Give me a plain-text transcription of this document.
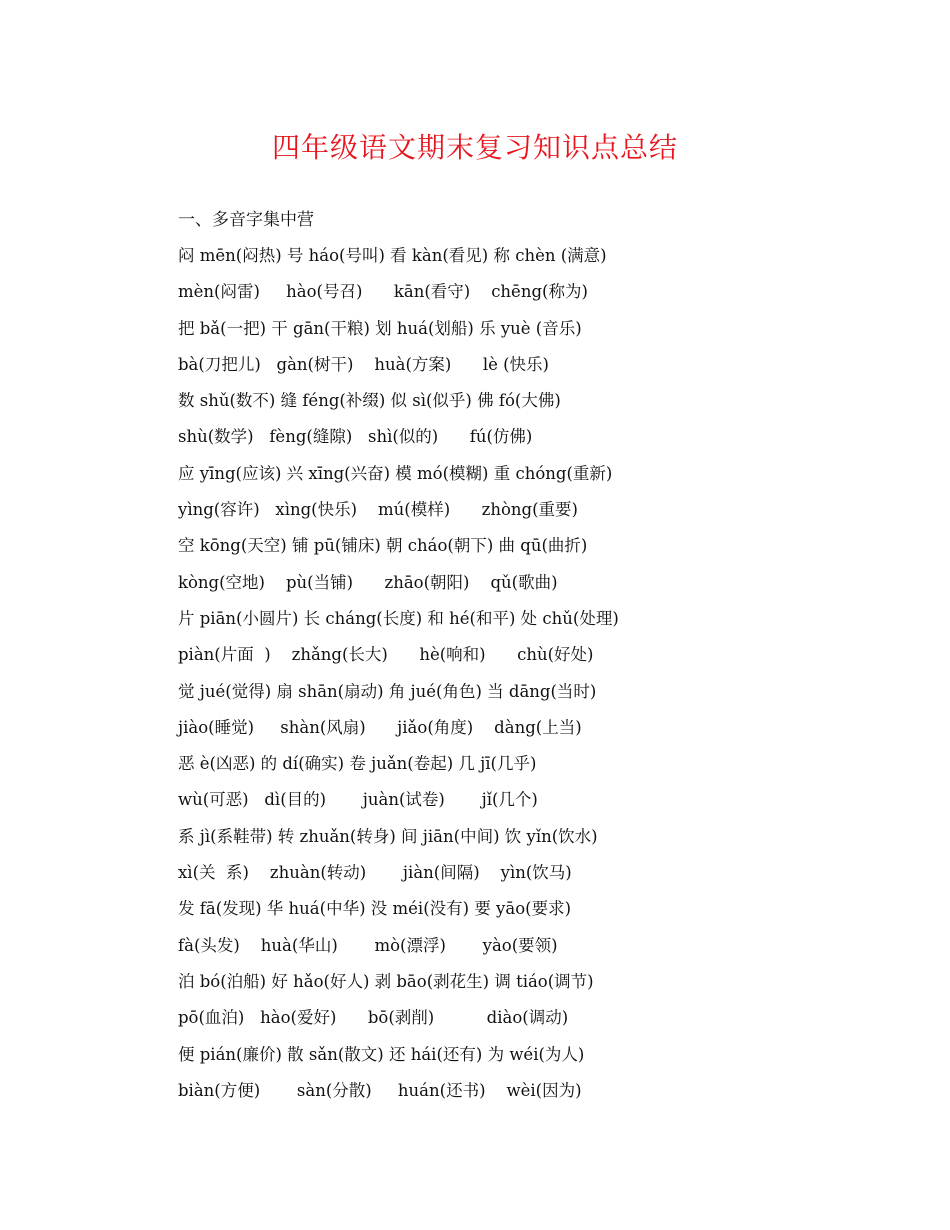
四年级语文期末复习知识点总结
一、多音字集中营
闷 mēn(闷热) 号 háo(号叫) 看 kàn(看见) 称 chèn (满意)
mèn(闷雷)     hào(号召)      kān(看守)    chēng(称为)
把 bǎ(一把) 干 gān(干粮) 划 huá(划船) 乐 yuè (音乐)
bà(刀把儿)   gàn(树干)    huà(方案)      lè (快乐)
数 shǔ(数不) 缝 féng(补缀) 似 sì(似乎) 佛 fó(大佛)
shù(数学)   fèng(缝隙)   shì(似的)      fú(仿佛)
应 yīng(应该) 兴 xīng(兴奋) 模 mó(模糊) 重 chóng(重新)
yìng(容许)   xìng(快乐)    mú(模样)      zhòng(重要)
空 kōng(天空) 铺 pū(铺床) 朝 cháo(朝下) 曲 qū(曲折)
kòng(空地)    pù(当铺)      zhāo(朝阳)    qǔ(歌曲)
片 piān(小圆片) 长 cháng(长度) 和 hé(和平) 处 chǔ(处理)
piàn(片面  )    zhǎng(长大)      hè(响和)      chù(好处)
觉 jué(觉得) 扇 shān(扇动) 角 jué(角色) 当 dāng(当时)
jiào(睡觉)     shàn(风扇)      jiǎo(角度)    dàng(上当)
恶 è(凶恶) 的 dí(确实) 卷 juǎn(卷起) 几 jī(几乎)
wù(可恶)   dì(目的)       juàn(试卷)       jǐ(几个)
系 jì(系鞋带) 转 zhuǎn(转身) 间 jiān(中间) 饮 yǐn(饮水)
xì(关  系)    zhuàn(转动)       jiàn(间隔)    yìn(饮马)
发 fā(发现) 华 huá(中华) 没 méi(没有) 要 yāo(要求)
fà(头发)    huà(华山)       mò(漂浮)       yào(要领)
泊 bó(泊船) 好 hǎo(好人) 剥 bāo(剥花生) 调 tiáo(调节)
pō(血泊)   hào(爱好)      bō(剥削)          diào(调动)
便 pián(廉价) 散 sǎn(散文) 还 hái(还有) 为 wéi(为人)
biàn(方便)       sàn(分散)     huán(还书)    wèi(因为)
